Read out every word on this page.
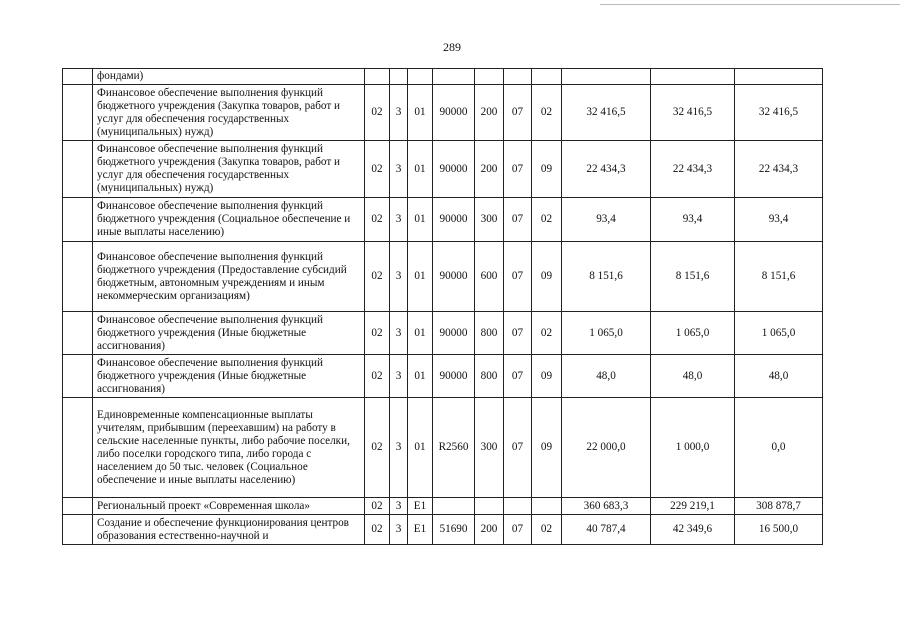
289
	фондами)										
	Финансовое обеспечение выполнения функций бюджетного учреждения (Закупка товаров, работ и услуг для обеспечения государственных (муниципальных) нужд)	02	3	01	90000	200	07	02	32 416,5	32 416,5	32 416,5
	Финансовое обеспечение выполнения функций бюджетного учреждения (Закупка товаров, работ и услуг для обеспечения государственных (муниципальных) нужд)	02	3	01	90000	200	07	09	22 434,3	22 434,3	22 434,3
	Финансовое обеспечение выполнения функций бюджетного учреждения (Социальное обеспечение и иные выплаты населению)	02	3	01	90000	300	07	02	93,4	93,4	93,4
	Финансовое обеспечение выполнения функций бюджетного учреждения (Предоставление субсидий бюджетным, автономным учреждениям и иным некоммерческим организациям)	02	3	01	90000	600	07	09	8 151,6	8 151,6	8 151,6
	Финансовое обеспечение выполнения функций бюджетного учреждения (Иные бюджетные ассигнования)	02	3	01	90000	800	07	02	1 065,0	1 065,0	1 065,0
	Финансовое обеспечение выполнения функций бюджетного учреждения (Иные бюджетные ассигнования)	02	3	01	90000	800	07	09	48,0	48,0	48,0
	Единовременные компенсационные выплаты учителям, прибывшим (переехавшим) на работу в сельские населенные пункты, либо рабочие поселки, либо поселки городского типа, либо города с населением до 50 тыс. человек (Социальное обеспечение и иные выплаты населению)	02	3	01	R2560	300	07	09	22 000,0	1 000,0	0,0
	Региональный проект «Современная школа»	02	3	E1					360 683,3	229 219,1	308 878,7
	Создание и обеспечение функционирования центров образования естественно-научной и	02	3	E1	51690	200	07	02	40 787,4	42 349,6	16 500,0
